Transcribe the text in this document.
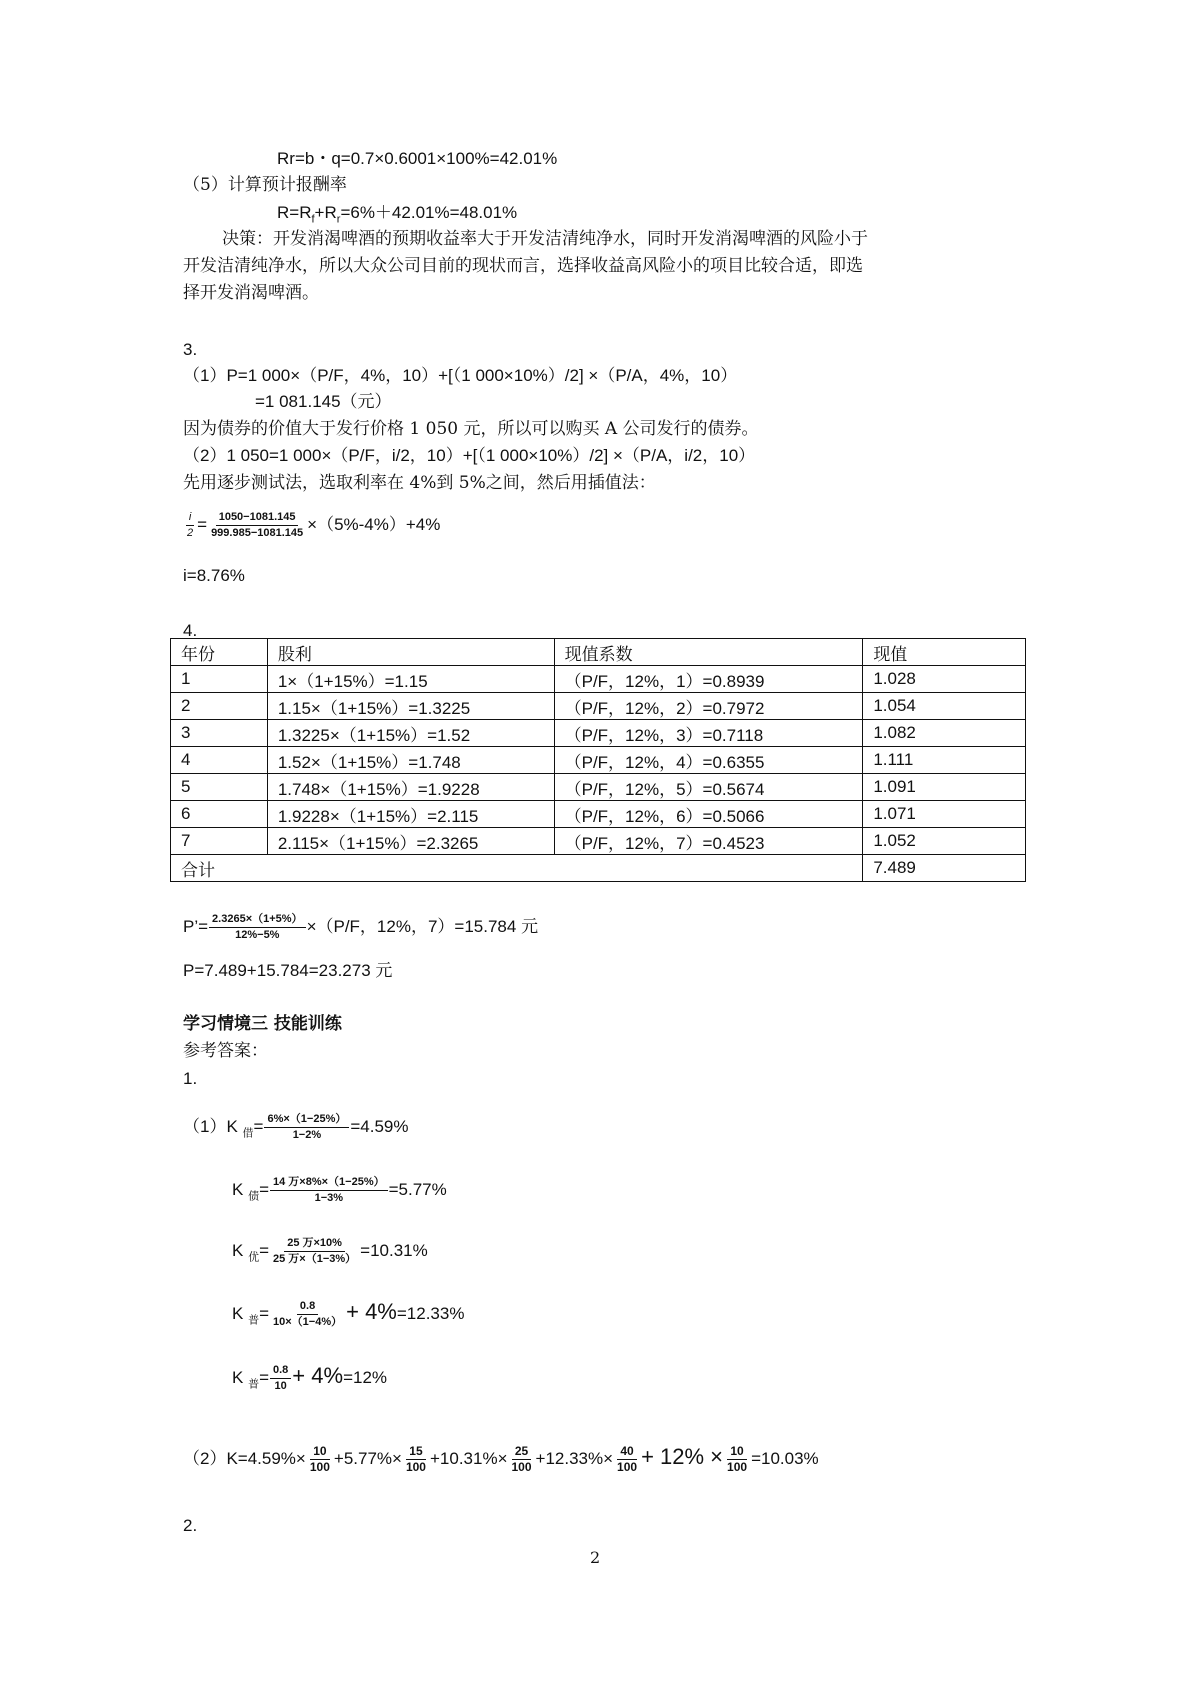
Rr=b・q=0.7×0.6001×100%=42.01%
（5）计算预计报酬率
$R=R_f+R_r=6\%+42.01\%=48.01\%$
决策：开发消渴啤酒的预期收益率大于开发洁清纯净水，同时开发消渴啤酒的风险小于
开发洁清纯净水，所以大众公司目前的现状而言，选择收益高风险小的项目比较合适，即选
择开发消渴啤酒。
3.
（1）P=1 000×（P/F，4%，10）+[（1 000×10%）/2] ×（P/A，4%，10）
=1 081.145（元）
因为债券的价值大于发行价格 1 050 元，所以可以购买 A 公司发行的债券。
（2）1 050=1 000×（P/F，i/2，10）+[（1 000×10%）/2] ×（P/A，i/2，10）
先用逐步测试法，选取利率在 4%到 5%之间，然后用插值法：
$\frac{i}{2} = \frac{1050-1081.145}{999.985-1081.145} \times(5\%-4\%)+4\%$
i=8.76%
4.
年份	股利	现值系数	现值
1	1×（1+15%）=1.15	（P/F，12%，1）=0.8939	1.028
2	1.15×（1+15%）=1.3225	（P/F，12%，2）=0.7972	1.054
3	1.3225×（1+15%）=1.52	（P/F，12%，3）=0.7118	1.082
4	1.52×（1+15%）=1.748	（P/F，12%，4）=0.6355	1.111
5	1.748×（1+15%）=1.9228	（P/F，12%，5）=0.5674	1.091
6	1.9228×（1+15%）=2.115	（P/F，12%，6）=0.5066	1.071
7	2.115×（1+15%）=2.3265	（P/F，12%，7）=0.4523	1.052
合计			7.489
P’= $\frac{2.3265\times(1+5\%)}{12\%-5\%} \times(P/F$，12%，7）=15.784 元
P=7.489+15.784=23.273 元
学习情境三 技能训练
参考答案：
1.
（1）K $_借= \frac{6\%\times(1-25\%)}{1-2\%} =4.59\%$
K $_债= \frac{\text{14 万×8\%×（1−25\%）}}{1-3\%} =5.77\%$
K $_优= \frac{\text{25 万×10\%}}{\text{25 万×（1−3\%）}} =10.31\%$
K $_普= \frac{0.8}{10\times(1-4\%)} + 4\%=12.33\%$
K $_普= \frac{0.8}{10} + 4\%=12\%$
$(2)K=4.59\%\times \frac{10}{100} +5.77\%\times \frac{15}{100} +10.31\%\times \frac{25}{100} +12.33\%\times \frac{40}{100} + 12\% \times \frac{10}{100} =10.03\%$
2.
2
